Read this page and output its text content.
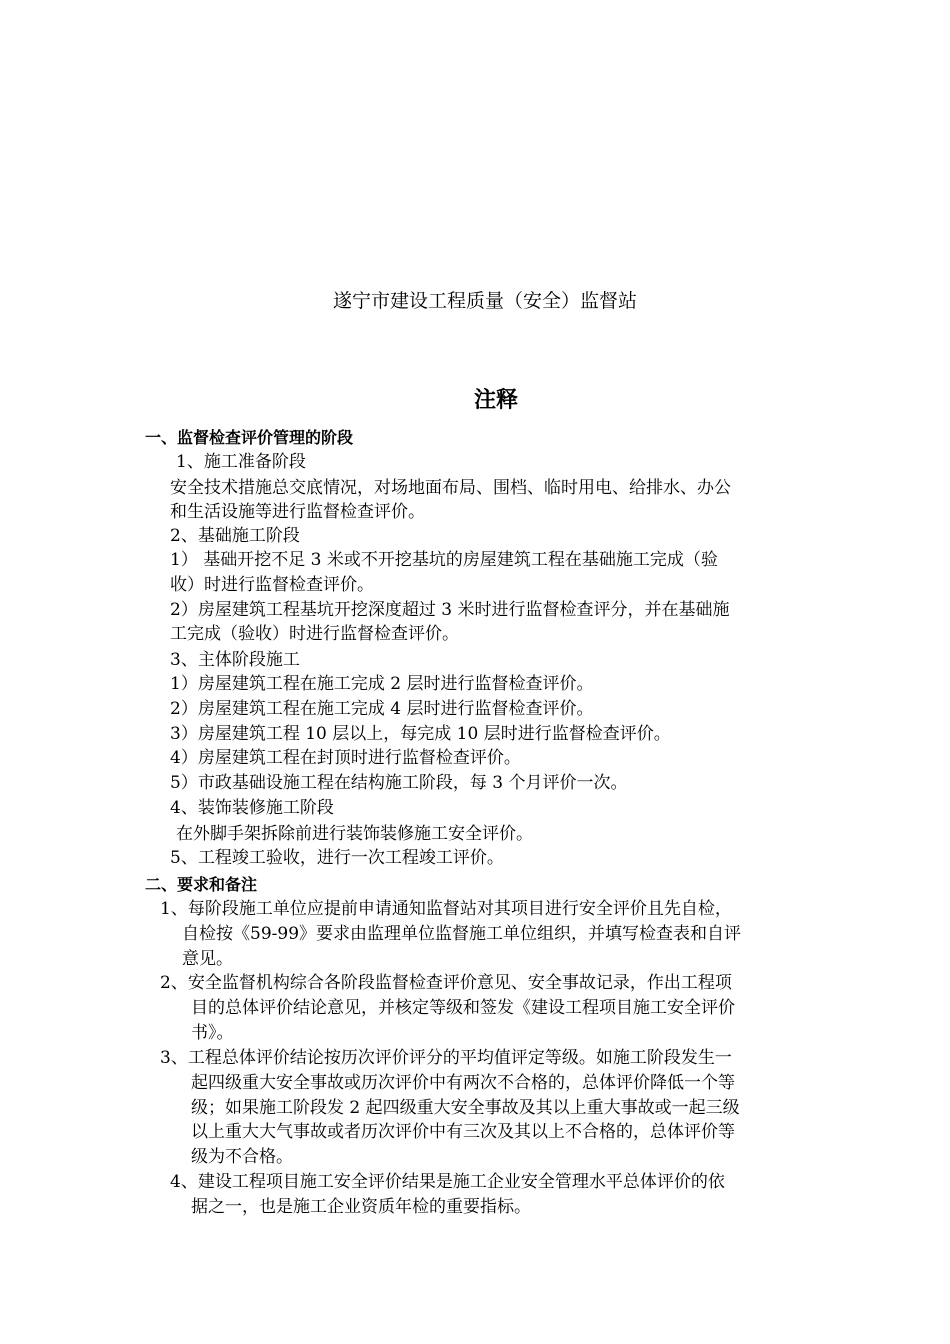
遂宁市建设工程质量（安全）监督站
注释
一、监督检查评价管理的阶段
1、施工准备阶段
安全技术措施总交底情况，对场地面布局、围档、临时用电、给排水、办公
和生活设施等进行监督检查评价。
2、基础施工阶段
1） 基础开挖不足 3 米或不开挖基坑的房屋建筑工程在基础施工完成（验
收）时进行监督检查评价。
2）房屋建筑工程基坑开挖深度超过 3 米时进行监督检查评分，并在基础施
工完成（验收）时进行监督检查评价。
3、主体阶段施工
1）房屋建筑工程在施工完成 2 层时进行监督检查评价。
2）房屋建筑工程在施工完成 4 层时进行监督检查评价。
3）房屋建筑工程 10 层以上，每完成 10 层时进行监督检查评价。
4）房屋建筑工程在封顶时进行监督检查评价。
5）市政基础设施工程在结构施工阶段，每 3 个月评价一次。
4、装饰装修施工阶段
在外脚手架拆除前进行装饰装修施工安全评价。
5、工程竣工验收，进行一次工程竣工评价。
二、要求和备注
1、每阶段施工单位应提前申请通知监督站对其项目进行安全评价且先自检，
自检按《59-99》要求由监理单位监督施工单位组织，并填写检查表和自评
意见。
2、安全监督机构综合各阶段监督检查评价意见、安全事故记录，作出工程项
目的总体评价结论意见，并核定等级和签发《建设工程项目施工安全评价
书》。
3、工程总体评价结论按历次评价评分的平均值评定等级。如施工阶段发生一
起四级重大安全事故或历次评价中有两次不合格的，总体评价降低一个等
级；如果施工阶段发 2 起四级重大安全事故及其以上重大事故或一起三级
以上重大大气事故或者历次评价中有三次及其以上不合格的，总体评价等
级为不合格。
4、建设工程项目施工安全评价结果是施工企业安全管理水平总体评价的依
据之一，也是施工企业资质年检的重要指标。
